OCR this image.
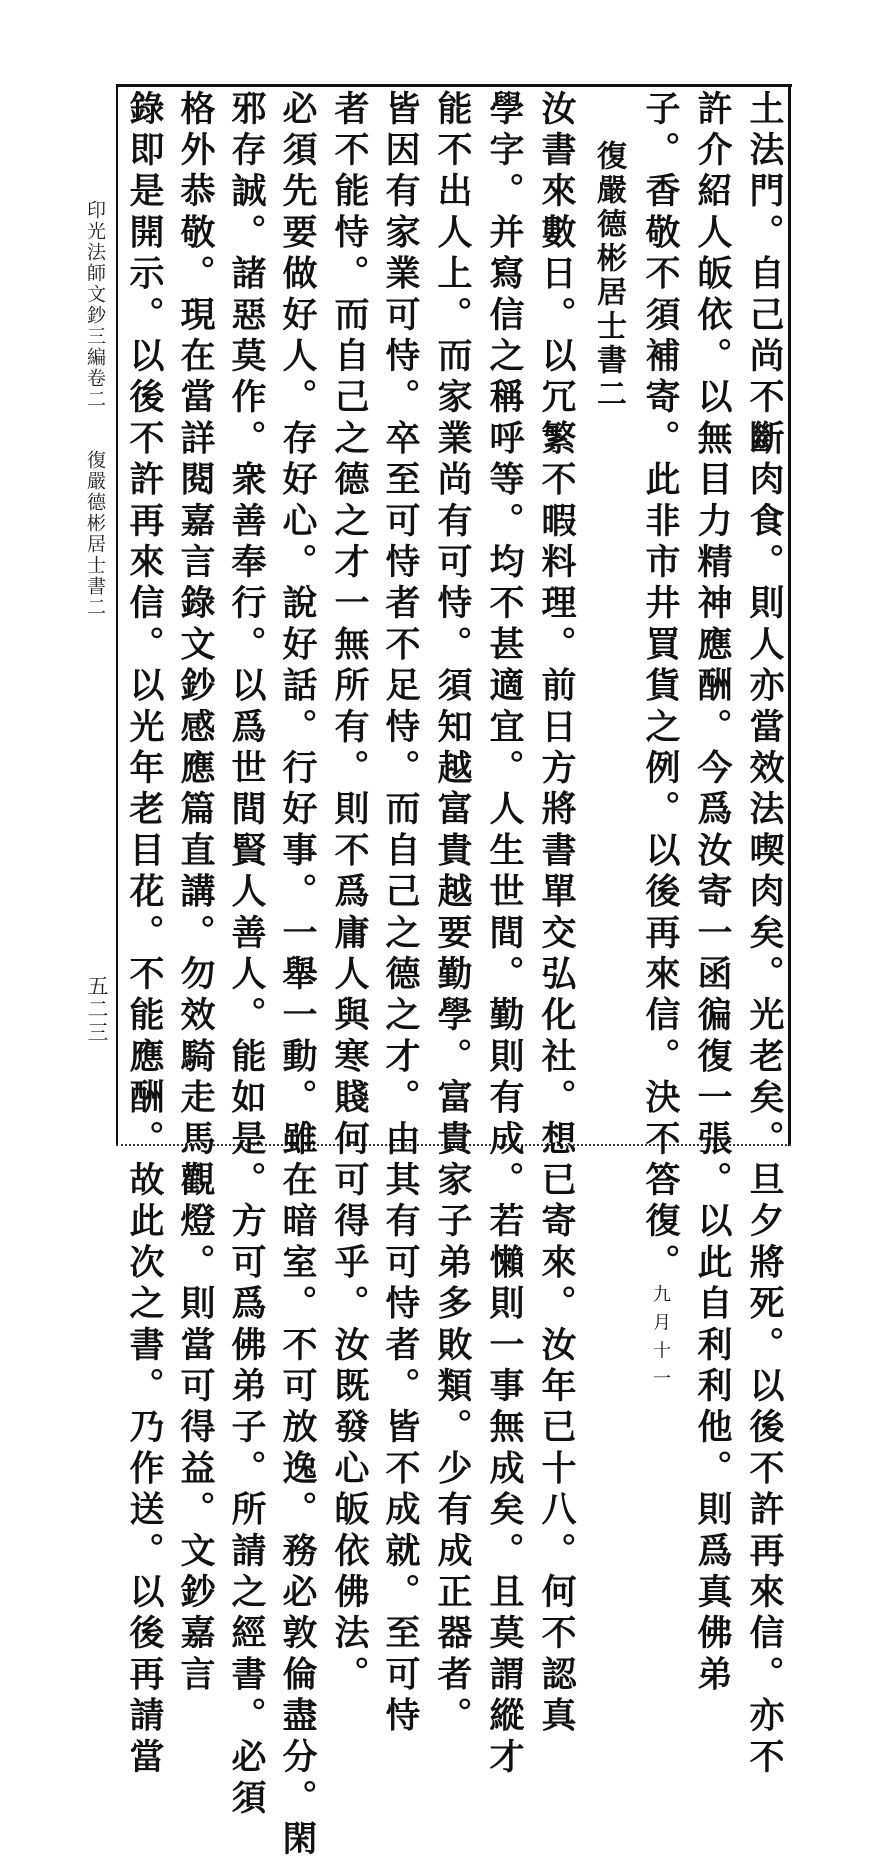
土法門。自己尚不斷肉食。則人亦當效法喫肉矣。光老矣。旦夕將死。以後不許再來信。亦不
許介紹人皈依。以無目力精神應酬。今爲汝寄一函徧復一張。以此自利利他。則爲真佛弟
子。香敬不須補寄。此非市井買貨之例。以後再來信。決不答復。九月十一
復嚴德彬居士書二
汝書來數日。以冗繁不暇料理。前日方將書單交弘化社。想已寄來。汝年已十八。何不認真
學字。并寫信之稱呼等。均不甚適宜。人生世間。勤則有成。若懶則一事無成矣。且莫謂縱才
能不出人上。而家業尚有可恃。須知越富貴越要勤學。富貴家子弟多敗類。少有成正器者。
皆因有家業可恃。卒至可恃者不足恃。而自己之德之才。由其有可恃者。皆不成就。至可恃
者不能恃。而自己之德之才一無所有。則不爲庸人與寒賤何可得乎。汝既發心皈依佛法。
必須先要做好人。存好心。說好話。行好事。一舉一動。雖在暗室。不可放逸。務必敦倫盡分。閑
邪存誠。諸惡莫作。衆善奉行。以爲世間賢人善人。能如是。方可爲佛弟子。所請之經書。必須
格外恭敬。現在當詳閱嘉言錄文鈔感應篇直講。勿效騎走馬觀燈。則當可得益。文鈔嘉言
錄即是開示。以後不許再來信。以光年老目花。不能應酬。故此次之書。乃作送。以後再請當
印光法師文鈔三編卷二
復嚴德彬居士書二
五二三
